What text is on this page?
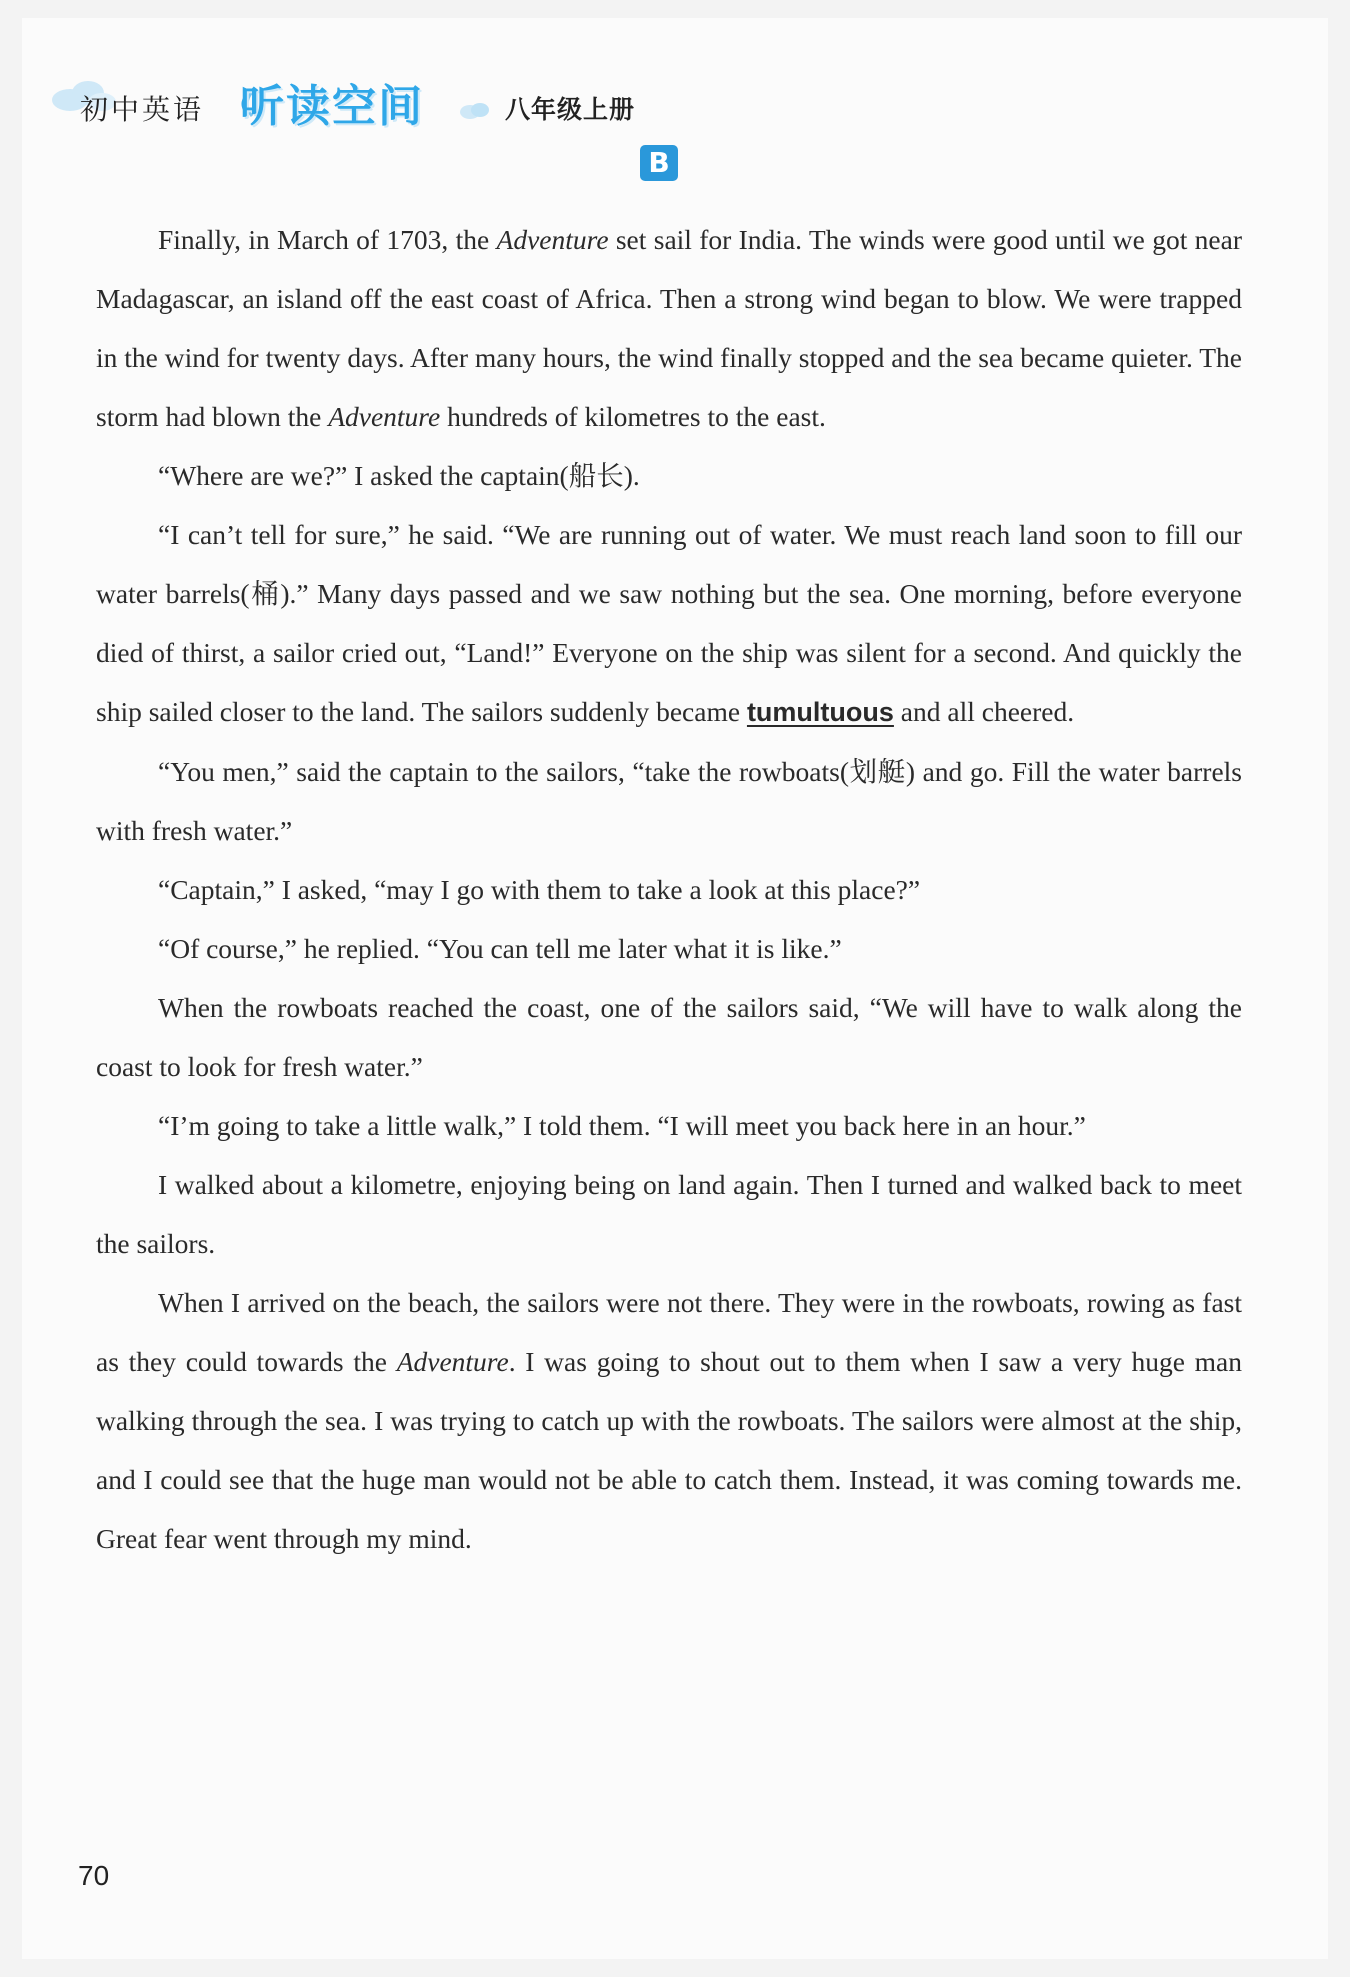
初中英语 听读空间	八年级上册
B

Finally, in March of 1703, the Adventure set sail for India. The winds were good until we got near Madagascar, an island off the east coast of Africa. Then a strong wind began to blow. We were trapped in the wind for twenty days. After many hours, the wind finally stopped and the sea became quieter. The storm had blown the Adventure hundreds of kilometres to the east.

“Where are we?” I asked the captain(船长).

“I can’t tell for sure,” he said. “We are running out of water. We must reach land soon to fill our water barrels(桶).” Many days passed and we saw nothing but the sea. One morning, before everyone died of thirst, a sailor cried out, “Land!” Everyone on the ship was silent for a second. And quickly the ship sailed closer to the land. The sailors suddenly became tumultuous and all cheered.

“You men,” said the captain to the sailors, “take the rowboats(划艇) and go. Fill the water barrels with fresh water.”

“Captain,” I asked, “may I go with them to take a look at this place?”

“Of course,” he replied. “You can tell me later what it is like.”

When the rowboats reached the coast, one of the sailors said, “We will have to walk along the coast to look for fresh water.”

“I’m going to take a little walk,” I told them. “I will meet you back here in an hour.”

I walked about a kilometre, enjoying being on land again. Then I turned and walked back to meet the sailors.

When I arrived on the beach, the sailors were not there. They were in the rowboats, rowing as fast as they could towards the Adventure. I was going to shout out to them when I saw a very huge man walking through the sea. I was trying to catch up with the rowboats. The sailors were almost at the ship, and I could see that the huge man would not be able to catch them. Instead, it was coming towards me. Great fear went through my mind.

70
